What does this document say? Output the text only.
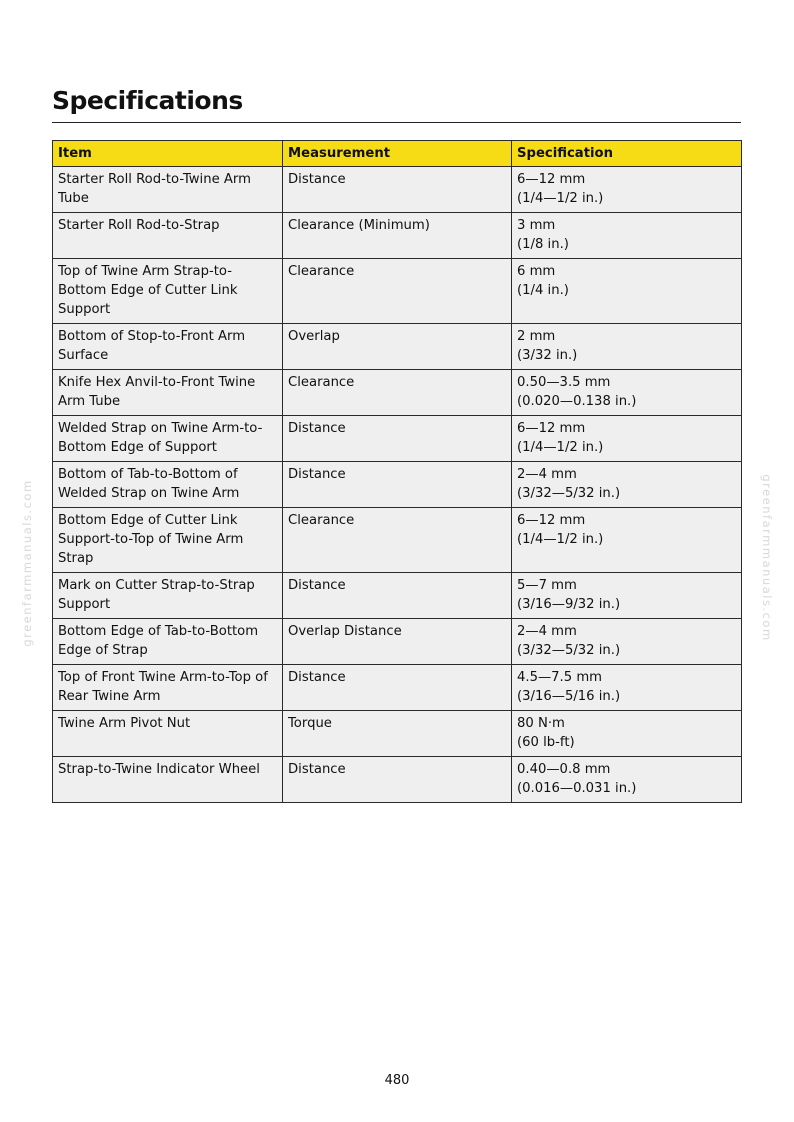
Specifications
greenfarmmanuals.com	greenfarmmanuals.com
Item	Measurement	Specification

Starter Roll Rod-to-Twine Arm
Tube	Distance	6—12 mm
(1/4—1/2 in.)

Starter Roll Rod-to-Strap	Clearance (Minimum)	3 mm
(1/8 in.)

Top of Twine Arm Strap-to-
Bottom Edge of Cutter Link
Support	Clearance	6 mm
(1/4 in.)

Bottom of Stop-to-Front Arm
Surface	Overlap	2 mm
(3/32 in.)

Knife Hex Anvil-to-Front Twine
Arm Tube	Clearance	0.50—3.5 mm
(0.020—0.138 in.)

Welded Strap on Twine Arm-to-
Bottom Edge of Support	Distance	6—12 mm
(1/4—1/2 in.)

Bottom of Tab-to-Bottom of
Welded Strap on Twine Arm	Distance	2—4 mm
(3/32—5/32 in.)

Bottom Edge of Cutter Link
Support-to-Top of Twine Arm
Strap	Clearance	6—12 mm
(1/4—1/2 in.)

Mark on Cutter Strap-to-Strap
Support	Distance	5—7 mm
(3/16—9/32 in.)

Bottom Edge of Tab-to-Bottom
Edge of Strap	Overlap Distance	2—4 mm
(3/32—5/32 in.)

Top of Front Twine Arm-to-Top of
Rear Twine Arm	Distance	4.5—7.5 mm
(3/16—5/16 in.)

Twine Arm Pivot Nut	Torque	80 N·m
(60 lb-ft)

Strap-to-Twine Indicator Wheel	Distance	0.40—0.8 mm
(0.016—0.031 in.)
480
